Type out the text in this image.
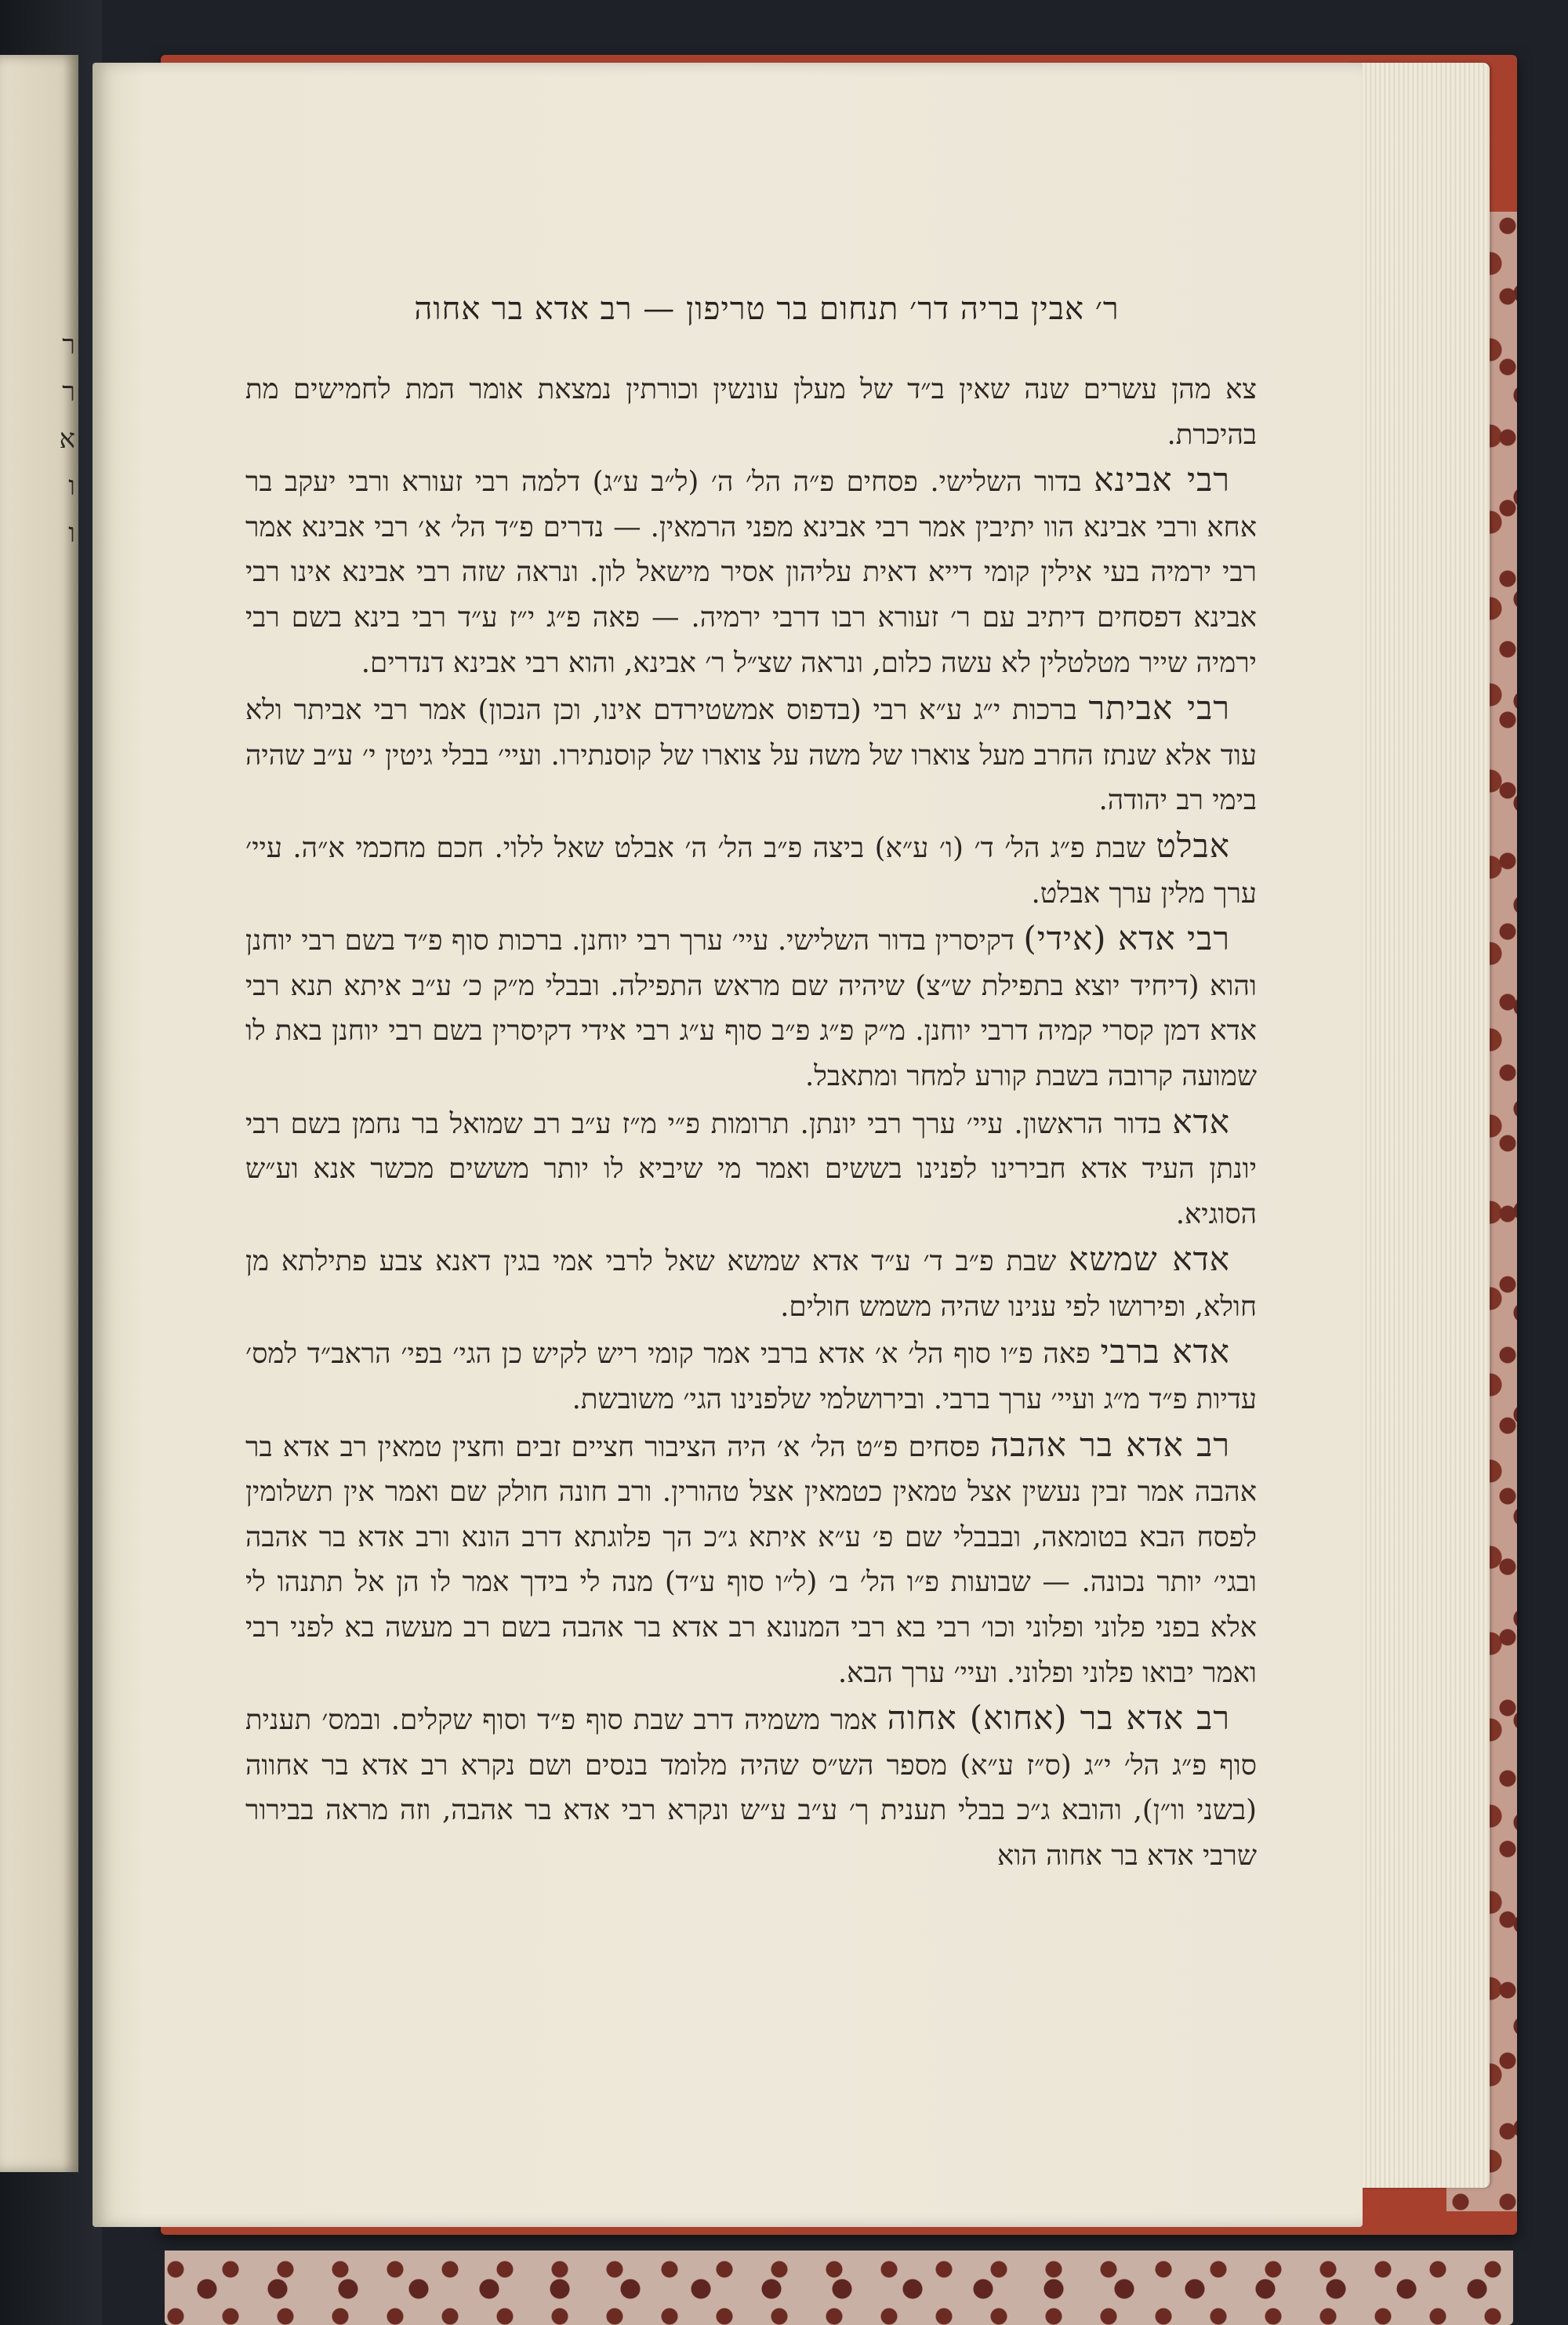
ר
ר
א
ו
ו
ר׳ אבין בריה דר׳ תנחום בר טריפון — רב אדא בר אחוה

צא מהן עשרים שנה שאין ב״ד של מעלן עונשין וכורתין נמצאת אומר המת לחמישים מת בהיכרת.

רבי אבינא בדור השלישי. פסחים פ״ה הל׳ ה׳ (ל״ב ע״ג) דלמה רבי זעורא ורבי יעקב בר אחא ורבי אבינא הוו יתיבין אמר רבי אבינא מפני הרמאין. — נדרים פ״ד הל׳ א׳ רבי אבינא אמר רבי ירמיה בעי אילין קומי דייא דאית עליהון אסיר מישאל לון. ונראה שזה רבי אבינא אינו רבי אבינא דפסחים דיתיב עם ר׳ זעורא רבו דרבי ירמיה. — פאה פ״ג י״ז ע״ד רבי בינא בשם רבי ירמיה שייר מטלטלין לא עשה כלום, ונראה שצ״ל ר׳ אבינא, והוא רבי אבינא דנדרים.

רבי אביתר ברכות י״ג ע״א רבי (בדפוס אמשטירדם אינו, וכן הנכון) אמר רבי אביתר ולא עוד אלא שנתז החרב מעל צוארו של משה על צוארו של קוסנתירו. ועיי׳ בבלי גיטין י׳ ע״ב שהיה בימי רב יהודה.

אבלט שבת פ״ג הל׳ ד׳ (ו׳ ע״א) ביצה פ״ב הל׳ ה׳ אבלט שאל ללוי. חכם מחכמי א״ה. עיי׳ ערך מלין ערך אבלט.

רבי אדא (אידי) דקיסרין בדור השלישי. עיי׳ ערך רבי יוחנן. ברכות סוף פ״ד בשם רבי יוחנן והוא (דיחיד יוצא בתפילת ש״צ) שיהיה שם מראש התפילה. ובבלי מ״ק כ׳ ע״ב איתא תנא רבי אדא דמן קסרי קמיה דרבי יוחנן. מ״ק פ״ג פ״ב סוף ע״ג רבי אידי דקיסרין בשם רבי יוחנן באת לו שמועה קרובה בשבת קורע למחר ומתאבל.

אדא בדור הראשון. עיי׳ ערך רבי יונתן. תרומות פ״י מ״ז ע״ב רב שמואל בר נחמן בשם רבי יונתן העיד אדא חבירינו לפנינו בששים ואמר מי שיביא לו יותר מששים מכשר אנא וע״ש הסוגיא.

אדא שמשא שבת פ״ב ד׳ ע״ד אדא שמשא שאל לרבי אמי בגין דאנא צבע פתילתא מן חולא, ופירושו לפי ענינו שהיה משמש חולים.

אדא ברבי פאה פ״ו סוף הל׳ א׳ אדא ברבי אמר קומי ריש לקיש כן הגי׳ בפי׳ הראב״ד למס׳ עדיות פ״ד מ״ג ועיי׳ ערך ברבי. ובירושלמי שלפנינו הגי׳ משובשת.

רב אדא בר אהבה פסחים פ״ט הל׳ א׳ היה הציבור חציים זבים וחצין טמאין רב אדא בר אהבה אמר זבין נעשין אצל טמאין כטמאין אצל טהורין. ורב חונה חולק שם ואמר אין תשלומין לפסח הבא בטומאה, ובבבלי שם פ׳ ע״א איתא ג״כ הך פלוגתא דרב הונא ורב אדא בר אהבה ובגי׳ יותר נכונה. — שבועות פ״ו הל׳ ב׳ (ל״ו סוף ע״ד) מנה לי בידך אמר לו הן אל תתנהו לי אלא בפני פלוני ופלוני וכו׳ רבי בא רבי המנונא רב אדא בר אהבה בשם רב מעשה בא לפני רבי ואמר יבואו פלוני ופלוני. ועיי׳ ערך הבא.

רב אדא בר (אחוא) אחוה אמר משמיה דרב שבת סוף פ״ד וסוף שקלים. ובמס׳ תענית סוף פ״ג הל׳ י״ג (ס״ז ע״א) מספר הש״ס שהיה מלומד בנסים ושם נקרא רב אדא בר אחווה (בשני וו״ן), והובא ג״כ בבלי תענית ך׳ ע״ב ע״ש ונקרא רבי אדא בר אהבה, וזה מראה בבירור שרבי אדא בר אחוה הוא
